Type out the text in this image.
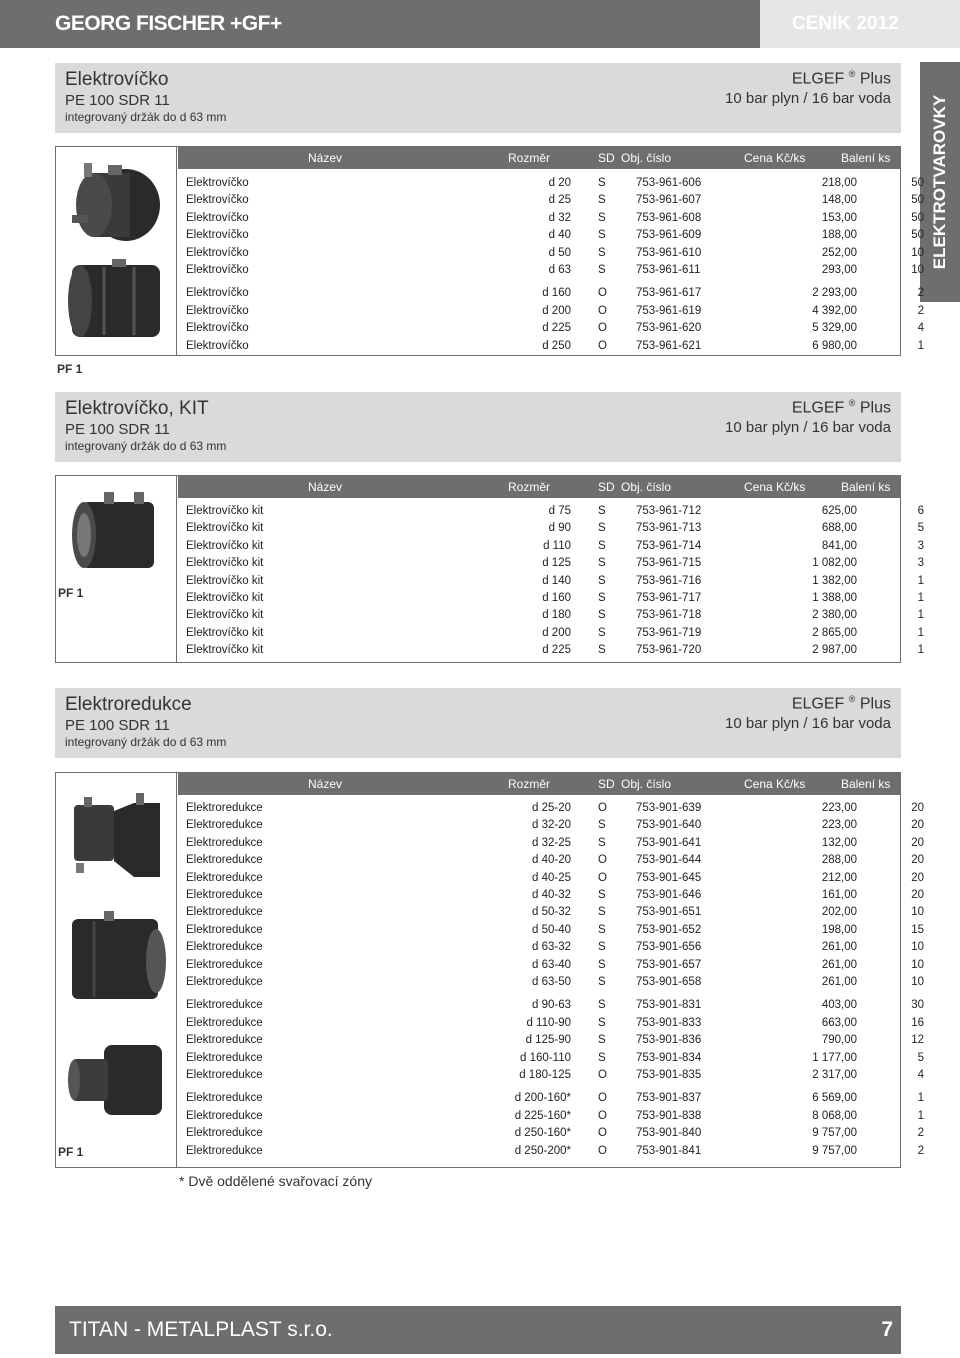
GEORG FISCHER +GF+	CENÍK 2012
ELEKTROTVAROVKY
Elektrovíčko
PE 100 SDR 11
integrovaný držák do d 63 mm
ELGEF ® Plus
10 bar plyn / 16 bar voda
Název	Rozměr	SD Obj. číslo	Cena Kč/ks	Balení ks
Elektrovíčko	d 20 S	753-961-606	218,00	50
Elektrovíčko	d 25 S	753-961-607	148,00	50
Elektrovíčko	d 32 S	753-961-608	153,00	50
Elektrovíčko	d 40 S	753-961-609	188,00	50
Elektrovíčko	d 50 S	753-961-610	252,00	10
Elektrovíčko	d 63 S	753-961-611	293,00	10
Elektrovíčko	d 160 O	753-961-617	2 293,00	2
Elektrovíčko	d 200 O	753-961-619	4 392,00	2
Elektrovíčko	d 225 O	753-961-620	5 329,00	4
Elektrovíčko	d 250 O	753-961-621	6 980,00	1
PF 1
Elektrovíčko, KIT
PE 100 SDR 11
integrovaný držák do d 63 mm
ELGEF ® Plus
10 bar plyn / 16 bar voda
PF 1
Název	Rozměr	SD Obj. číslo	Cena Kč/ks	Balení ks
Elektrovíčko kit	d 75 S	753-961-712	625,00	6
Elektrovíčko kit	d 90 S	753-961-713	688,00	5
Elektrovíčko kit	d 110 S	753-961-714	841,00	3
Elektrovíčko kit	d 125 S	753-961-715	1 082,00	3
Elektrovíčko kit	d 140 S	753-961-716	1 382,00	1
Elektrovíčko kit	d 160 S	753-961-717	1 388,00	1
Elektrovíčko kit	d 180 S	753-961-718	2 380,00	1
Elektrovíčko kit	d 200 S	753-961-719	2 865,00	1
Elektrovíčko kit	d 225 S	753-961-720	2 987,00	1
Elektroredukce
PE 100 SDR 11
integrovaný držák do d 63 mm
ELGEF ® Plus
10 bar plyn / 16 bar voda
PF 1
Název	Rozměr	SD Obj. číslo	Cena Kč/ks	Balení ks
Elektroredukce	d 25-20 O	753-901-639	223,00	20
Elektroredukce	d 32-20 S	753-901-640	223,00	20
Elektroredukce	d 32-25 S	753-901-641	132,00	20
Elektroredukce	d 40-20 O	753-901-644	288,00	20
Elektroredukce	d 40-25 O	753-901-645	212,00	20
Elektroredukce	d 40-32 S	753-901-646	161,00	20
Elektroredukce	d 50-32 S	753-901-651	202,00	10
Elektroredukce	d 50-40 S	753-901-652	198,00	15
Elektroredukce	d 63-32 S	753-901-656	261,00	10
Elektroredukce	d 63-40 S	753-901-657	261,00	10
Elektroredukce	d 63-50 S	753-901-658	261,00	10
Elektroredukce	d 90-63 S	753-901-831	403,00	30
Elektroredukce	d 110-90 S	753-901-833	663,00	16
Elektroredukce	d 125-90 S	753-901-836	790,00	12
Elektroredukce	d 160-110 S	753-901-834	1 177,00	5
Elektroredukce	d 180-125 O	753-901-835	2 317,00	4
Elektroredukce	d 200-160* O	753-901-837	6 569,00	1
Elektroredukce	d 225-160* O	753-901-838	8 068,00	1
Elektroredukce	d 250-160* O	753-901-840	9 757,00	2
Elektroredukce	d 250-200* O	753-901-841	9 757,00	2
* Dvě oddělené svařovací zóny
TITAN - METALPLAST s.r.o.	7
